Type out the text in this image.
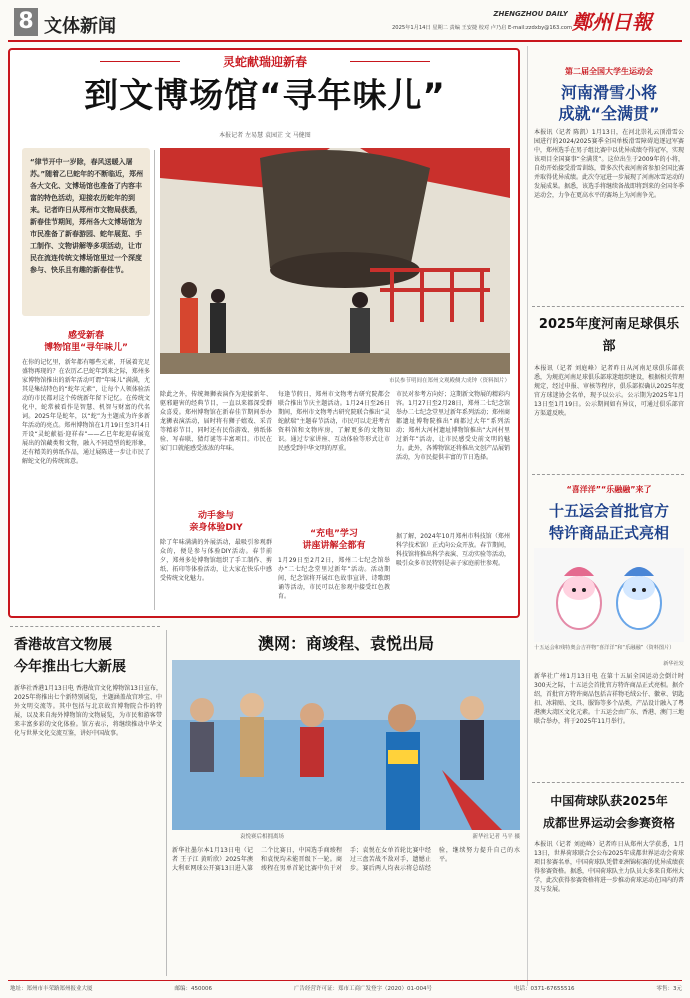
8 文体新闻
ZHENGZHOU DAILY 鄭州日報
2025年1月14日 星期二 责编 王安捷 校对 卢乃启 E-mail:zzdxby@163.com
灵蛇献瑞迎新春
到文博场馆“寻年味儿”
本报记者 左易慧 袁园芷 文 马健图
“律节开中一岁除，春风送暖入屠苏。”随着乙巳蛇年的不断临近，郑州各大文化、文博场馆也准备了内容丰富的特色活动，迎接农历蛇年的到来。记者昨日从郑州市文物局获悉，新春佳节期间，郑州各大文博场馆为市民准备了新春游园、蛇年展览、手工制作、文物讲解等多项活动，让市民在流连传统文博场馆里过一个深度参与、快乐且有趣的新春佳节。
市民参节明间在郑州文观殿侧大成钟（资料图片）
感受新春
博物馆里“寻年味儿”
在你的记忆里，新年都有哪些元素，开展着充足盛物再现的？在农历乙巳蛇年到来之际，郑州多家博物馆推出的新年活动可谓“年味儿”满满，尤其是集结特色的“蛇年元素”，让每个人领体验活动的市民都对这个传统新年留下记忆。在传统文化中，蛇常被看作是智慧、机智与财富的代名词。2025年是蛇年，以“蛇”为主题成为许多新年活动的亮点。郑州博物馆在1月19日至3月4日开设“灵蛇献福·迎祥春”——乙巳年蛇迎春展览展出的馆藏类和文物，融入不同造型的蛇形象，还有精美的剪纸作品，通过展陈进一步让市民了解蛇文化的传统寓意。
除此之外，传统舞狮表演作为迎接新年、驱邪避害的经典节目，一直以来都深受群众喜爱。郑州博物馆在新春佳节期间举办龙狮表演活动，届时将有狮子嬉戏、采青等精彩节目，同时还有民俗游戏、剪纸体验、写春联、猜灯谜等丰富项目。市民在家门口就能感受浓浓的年味。
动手参与
亲身体验DIY
除了年味满满的外展活动，最吸引参观群众的，便是参与体验DIY活动。春节前夕，郑州多处博物馆组织了手工制作、剪纸、拓印等体验活动，让大家在快乐中感受传统文化魅力。
每逢节假日，郑州市文物考古研究院都会联合推出节庆主题活动。1月24日至26日期间，郑州市文物考古研究院联合推出“灵蛇献瑞”主题春节活动，市民可以走进考古资料馆和文物库房，了解更多的文物知识。通过专家讲座、互动体验等形式让市民感受到中华文明的厚重。
“充电”学习
讲座讲解全都有
1月29日至2月2日，郑州二七纪念馆举办“二七纪念堂里过新年”活动。活动期间，纪念馆将开展红色故事宣讲、诗歌朗诵等活动，市民可以在参观中接受红色教育。
市民对参考方向好；这期新文物展的精彩内容。1月27日至2月28日，郑州二七纪念馆举办二七纪念堂里过新年系列活动；郑州商都遗址博物院推出“商都过大年”系列活动；郑州大河村遗址博物馆推出“大河村里过新年”活动，让市民感受史前文明的魅力。此外，各博物馆还将推出文创产品展销活动，为市民提供丰富的节日选择。
据了解，2024年10月郑州市科技馆（郑州科学技术馆）正式向公众开放。春节期间，科技馆将推出科学表演、互动实验等活动，吸引众多市民特别是亲子家庭前往参观。
第二届全国大学生运动会
河南滑雪小将
成就“全满贯”
本报讯（记者 陈凯）1月13日，在河北崇礼云顶滑雪公园进行的2024/2025赛季全国单板滑雪障碍追逐冠军赛中，郑州选手在男子组比赛中以优异成绩夺得冠军，实现该项目全国赛事“全满贯”。这位出生于2009年的小将，自幼开始接受滑雪训练，曾多次代表河南省参加全国比赛并取得优异成绩。此次夺冠进一步展现了河南冰雪运动的发展成果。据悉，该选手将继续备战即将到来的全国冬季运动会，力争在更高水平的赛场上为河南争光。
2025年度河南足球俱乐部

本报讯（记者 刘庭峰）记者昨日从河南足球俱乐部获悉，为规范河南足球俱乐部球迷组织建设，根据相关管理规定，经过申报、审核等程序，俱乐部拟确认2025年度官方球迷协会名单，现予以公示。公示期为2025年1月13日至1月19日。公示期间如有异议，可通过俱乐部官方渠道反映。
“喜洋洋”“乐融融”来了
十五运会首批官方
特许商品正式亮相
十五运会和残特奥会吉祥物“喜洋洋”和“乐融融”（资料图片）
新华社发
新华社广州1月13日电 在第十五届全国运动会倒计时300天之际，十五运会首批官方特许商品正式亮相。据介绍，首批官方特许商品包括吉祥物毛绒公仔、徽章、钥匙扣、冰箱贴、文具、服饰等多个品类，产品设计融入了粤港澳大湾区文化元素。十五运会由广东、香港、澳门三地联合举办，将于2025年11月举行。
香港故宫文物展
今年推出七大新展
新华社香港1月13日电 香港故宫文化博物馆13日宣布，2025年将推出七个新特别展览，主题涵盖故宫珍宝、中外文明交流等。其中包括与北京故宫博物院合作的特展，以及来自海外博物馆的文物展览，为市民和游客带来丰富多彩的文化体验。馆方表示，将继续推动中华文化与世界文化交流互鉴，讲好中国故事。
澳网：商竣程、袁悦出局
袁悦赛后相拥离场	新华社记者 马平 摄
新华社墨尔本1月13日电（记者 王子江 黄昕欣）2025年澳大利亚网球公开赛13日进入第二个比赛日，中国选手商竣程和袁悦均未能晋级下一轮。商竣程在男单首轮比赛中负于对手；袁悦在女单首轮比赛中经过三盘苦战不敌对手，遗憾止步。赛后两人均表示将总结经验，继续努力提升自己的水平。
中国荷球队获2025年
成都世界运动会参赛资格
本报讯（记者 刘庭峰）记者昨日从郑州大学获悉，1月13日，世界荷球联合会公布2025年成都世界运动会荷球项目参赛名单，中国荷球队凭借亚洲锦标赛的优异成绩获得参赛资格。据悉，中国荷球队主力队员大多来自郑州大学，此次获得参赛资格将进一步推动荷球运动在国内的普及与发展。
地址：郑州市丰荣路郑州报业大厦	邮编：450006	广告经营许可证：郑市工商广发登字（2020）01-004号	电话：0371-67655516	零售：3元
